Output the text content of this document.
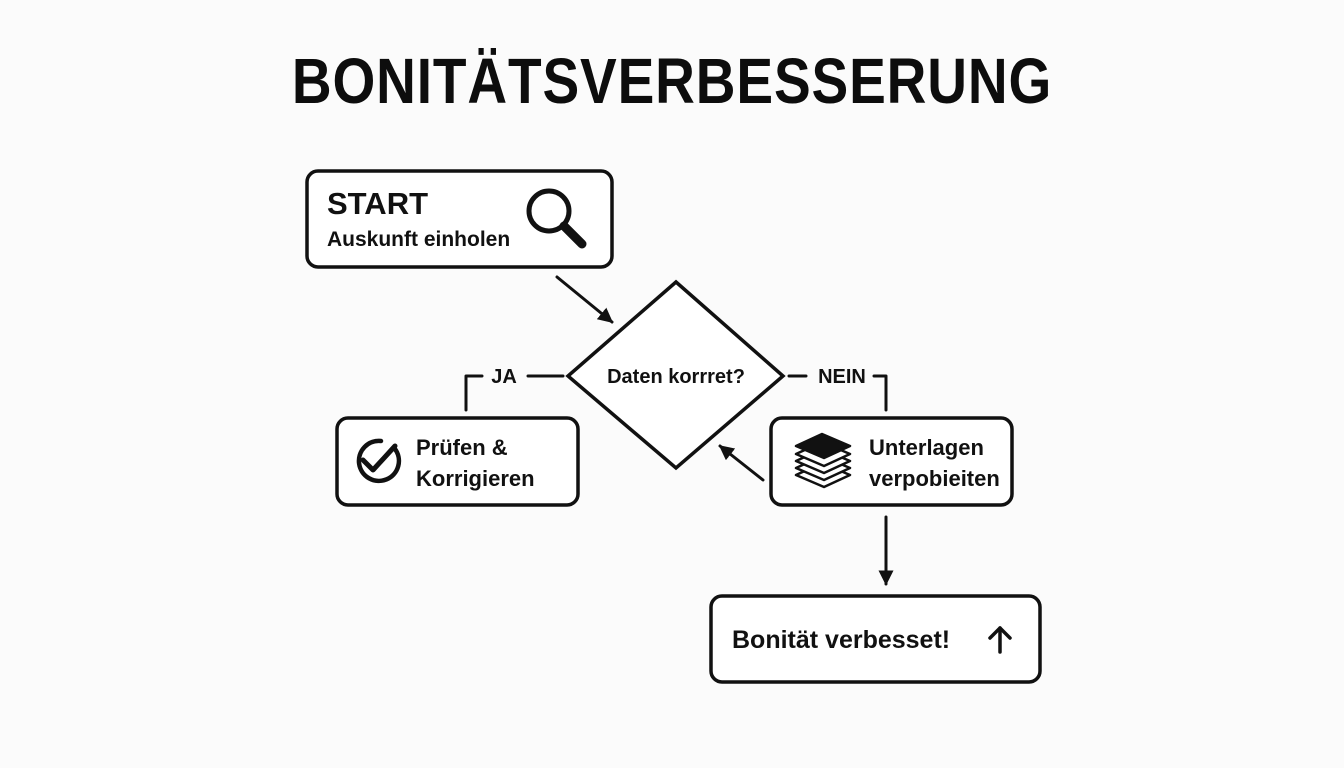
BONITÄTSVERBESSERUNG
START
Auskunft einholen
Daten korrret?
JA	NEIN
Prüfen &
Korrigieren
Unterlagen
verpobieiten
Bonität verbesset!
